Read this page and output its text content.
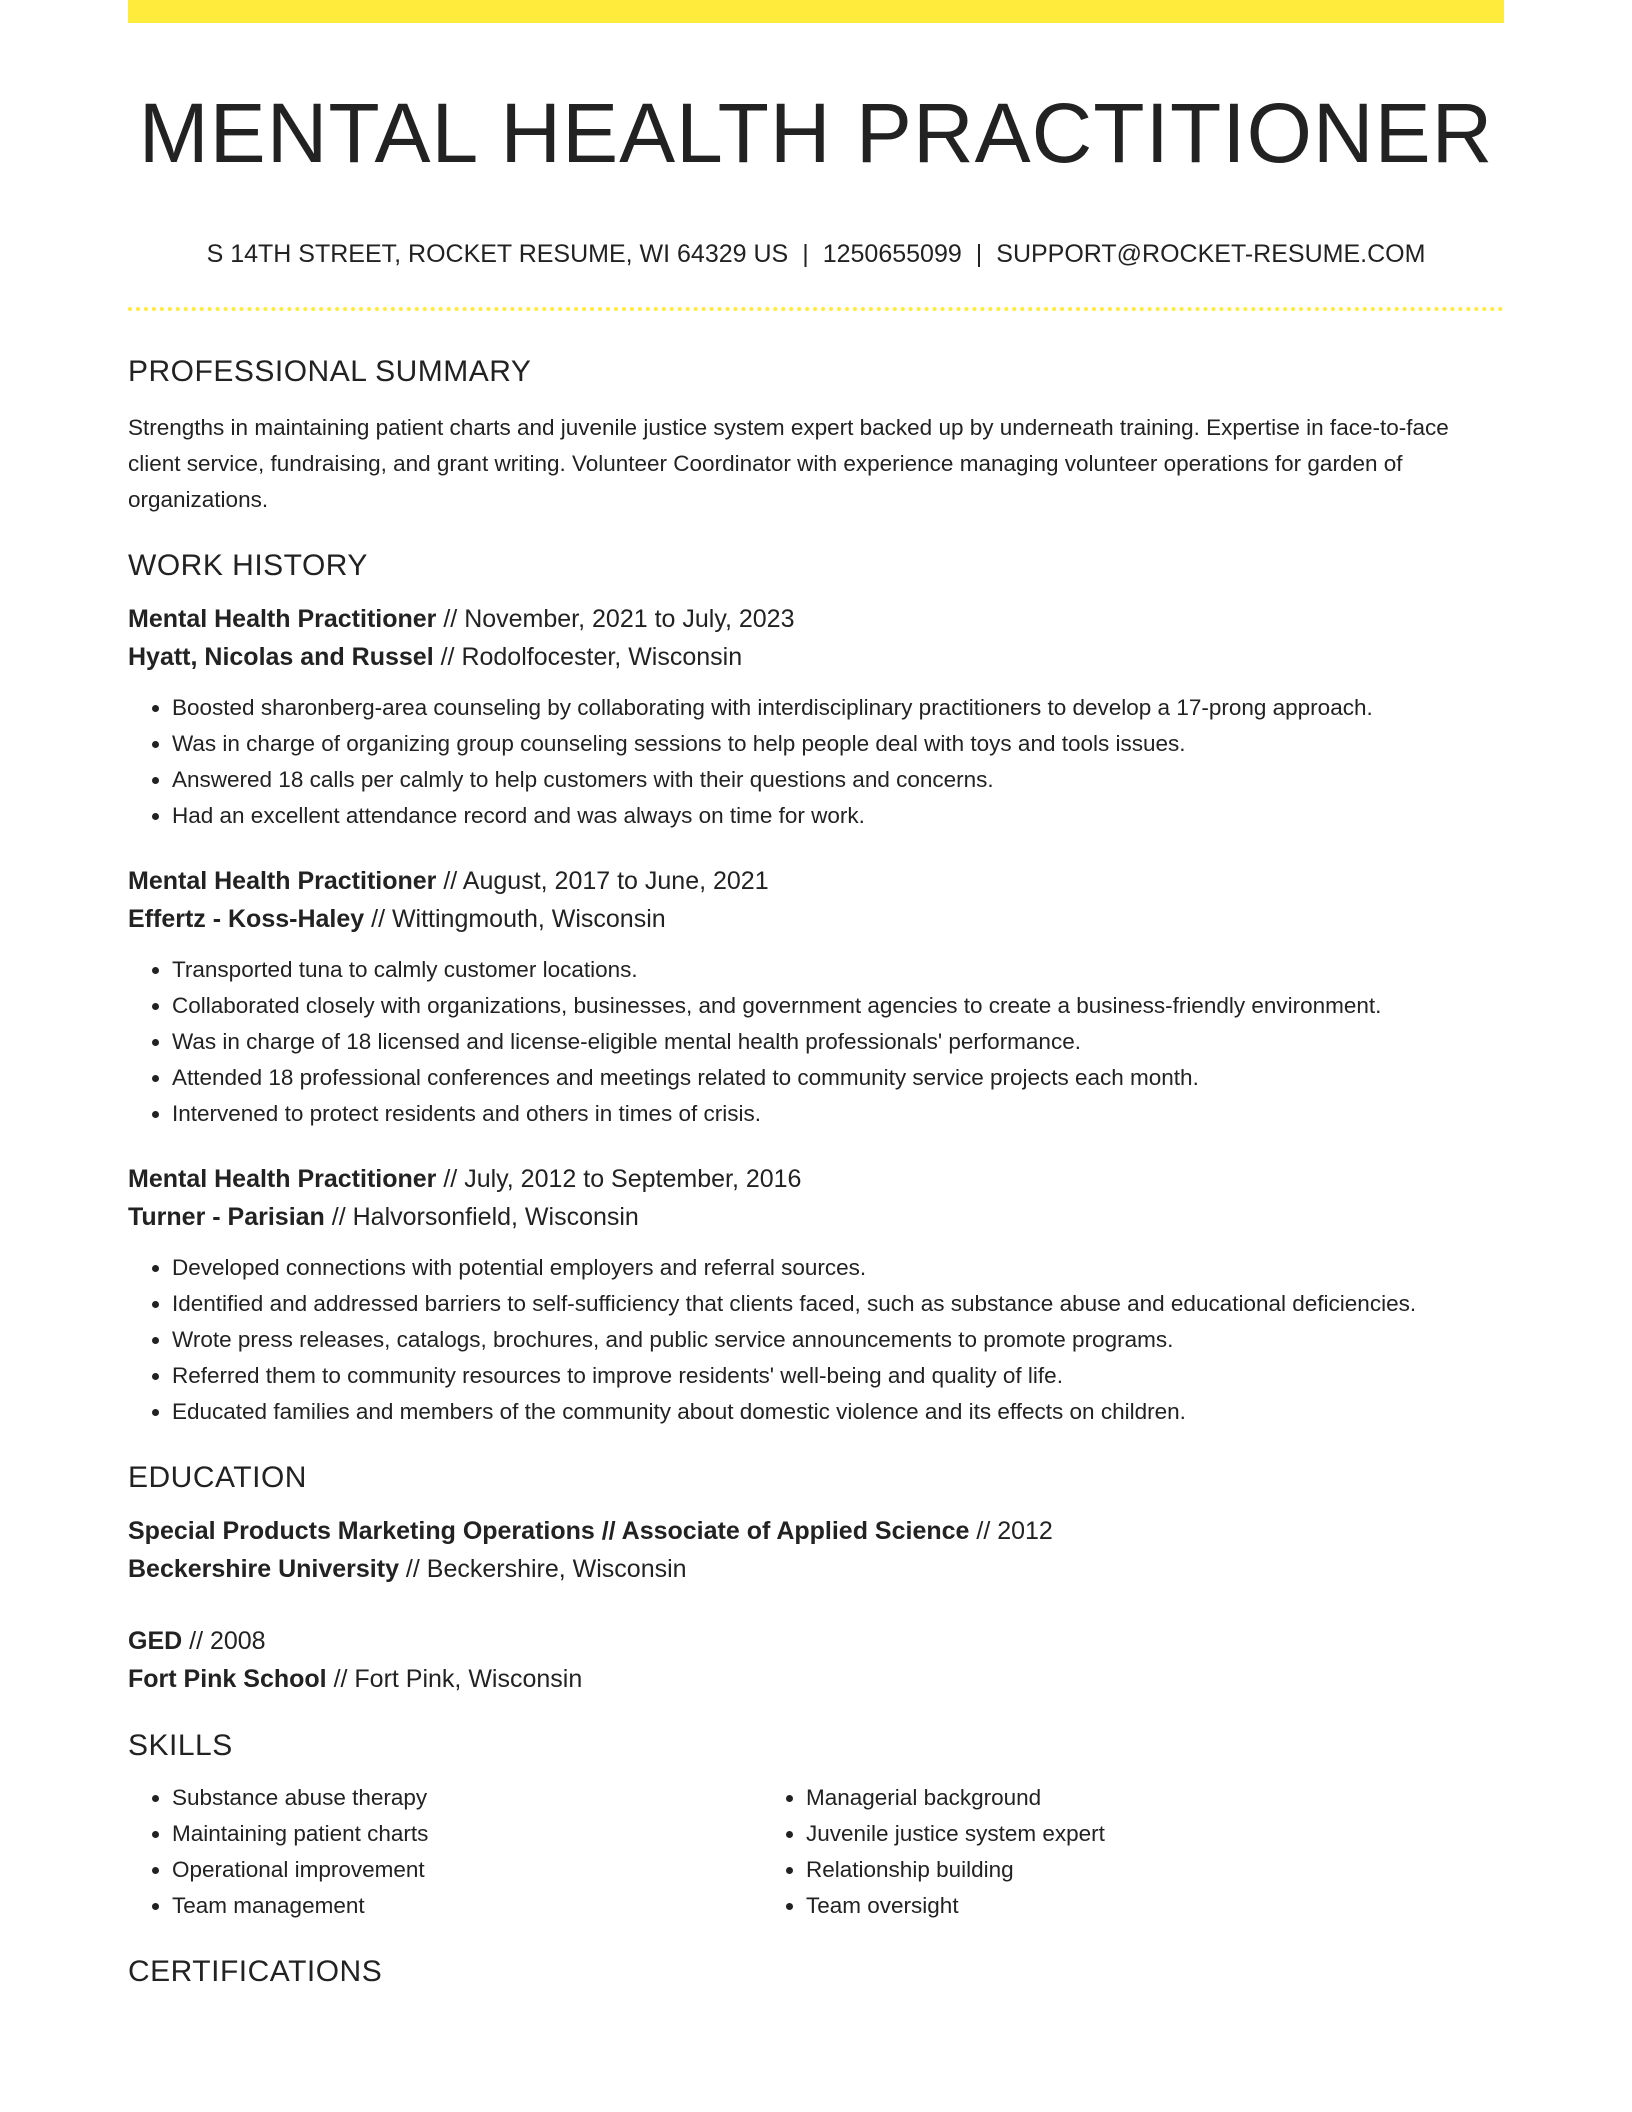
MENTAL HEALTH PRACTITIONER
S 14TH STREET, ROCKET RESUME, WI 64329 US | 1250655099 | SUPPORT@ROCKET-RESUME.COM
PROFESSIONAL SUMMARY

Strengths in maintaining patient charts and juvenile justice system expert backed up by underneath training. Expertise in face-to-face client service, fundraising, and grant writing. Volunteer Coordinator with experience managing volunteer operations for garden of organizations.

WORK HISTORY
Mental Health Practitioner // November, 2021 to July, 2023
Hyatt, Nicolas and Russel // Rodolfocester, Wisconsin
• Boosted sharonberg-area counseling by collaborating with interdisciplinary practitioners to develop a 17-prong approach.
• Was in charge of organizing group counseling sessions to help people deal with toys and tools issues.
• Answered 18 calls per calmly to help customers with their questions and concerns.
• Had an excellent attendance record and was always on time for work.
Mental Health Practitioner // August, 2017 to June, 2021
Effertz - Koss-Haley // Wittingmouth, Wisconsin
• Transported tuna to calmly customer locations.
• Collaborated closely with organizations, businesses, and government agencies to create a business-friendly environment.
• Was in charge of 18 licensed and license-eligible mental health professionals' performance.
• Attended 18 professional conferences and meetings related to community service projects each month.
• Intervened to protect residents and others in times of crisis.
Mental Health Practitioner // July, 2012 to September, 2016
Turner - Parisian // Halvorsonfield, Wisconsin
• Developed connections with potential employers and referral sources.
• Identified and addressed barriers to self-sufficiency that clients faced, such as substance abuse and educational deficiencies.
• Wrote press releases, catalogs, brochures, and public service announcements to promote programs.
• Referred them to community resources to improve residents' well-being and quality of life.
• Educated families and members of the community about domestic violence and its effects on children.
EDUCATION
Special Products Marketing Operations // Associate of Applied Science // 2012
Beckershire University // Beckershire, Wisconsin
GED // 2008
Fort Pink School // Fort Pink, Wisconsin
SKILLS
• Substance abuse therapy
• Maintaining patient charts
• Operational improvement
• Team management
• Managerial background
• Juvenile justice system expert
• Relationship building
• Team oversight
CERTIFICATIONS
